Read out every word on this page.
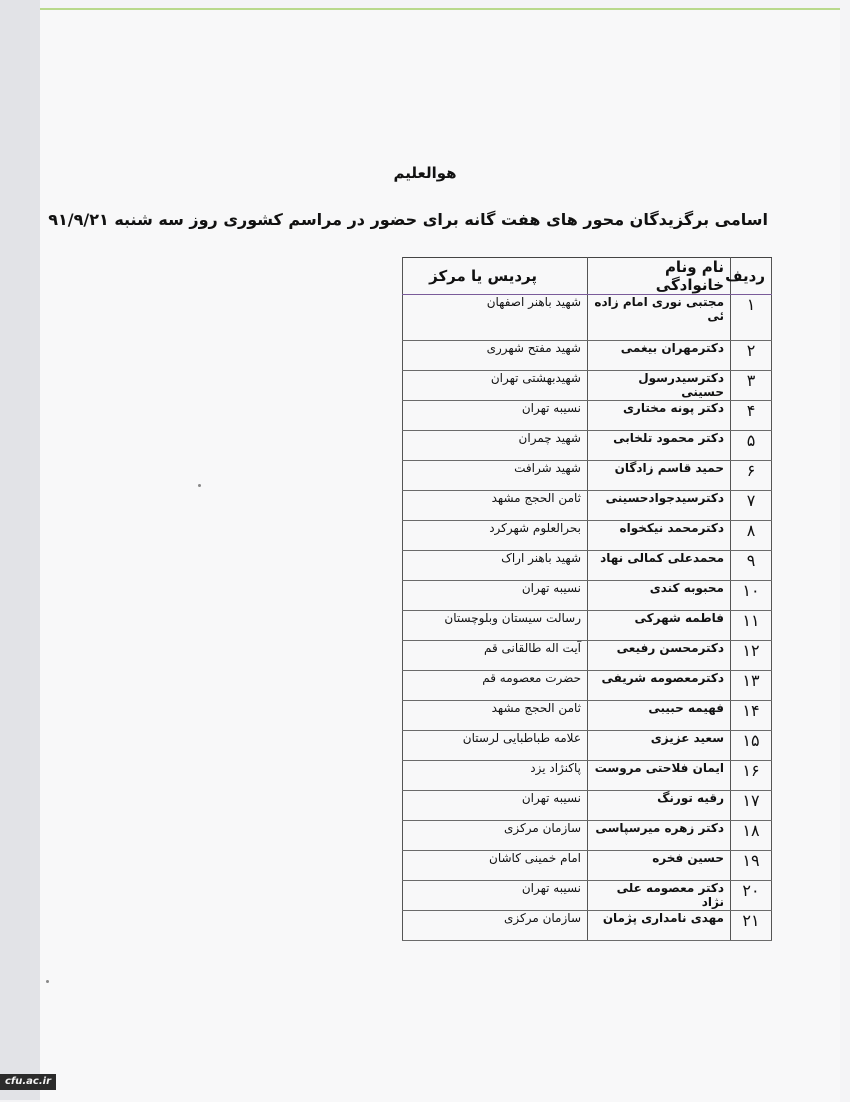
هوالعلیم
اسامی برگزیدگان محور های هفت گانه برای حضور در مراسم کشوری روز سه شنبه ۹۱/۹/۲۱
ردیف	نام ونام خانوادگی	پردیس یا مرکز
۱	مجتبی نوری امام زاده ئی	شهید باهنر اصفهان
۲	دکترمهران بیغمی	شهید مفتح شهرری
۳	دکترسیدرسول حسینی	شهیدبهشتی تهران
۴	دکتر پونه مختاری	نسیبه تهران
۵	دکتر محمود تلخابی	شهید چمران
۶	حمید قاسم زادگان	شهید شرافت
۷	دکترسیدجوادحسینی	ثامن الحجج مشهد
۸	دکترمحمد نیکخواه	بحرالعلوم شهرکرد
۹	محمدعلی کمالی نهاد	شهید باهنر اراک
۱۰	محبوبه کندی	نسیبه تهران
۱۱	فاطمه شهرکی	رسالت سیستان وبلوچستان
۱۲	دکترمحسن رفیعی	آیت اله طالقانی قم
۱۳	دکترمعصومه شریفی	حضرت معصومه قم
۱۴	فهیمه حبیبی	ثامن الحجج مشهد
۱۵	سعید عزیزی	علامه طباطبایی لرستان
۱۶	ایمان فلاحتی مروست	پاکنژاد یزد
۱۷	رقیه تورنگ	نسیبه تهران
۱۸	دکتر زهره میرسپاسی	سازمان مرکزی
۱۹	حسین فخره	امام خمینی کاشان
۲۰	دکتر معصومه علی نژاد	نسیبه تهران
۲۱	مهدی نامداری پژمان	سازمان مرکزی
cfu.ac.ir
